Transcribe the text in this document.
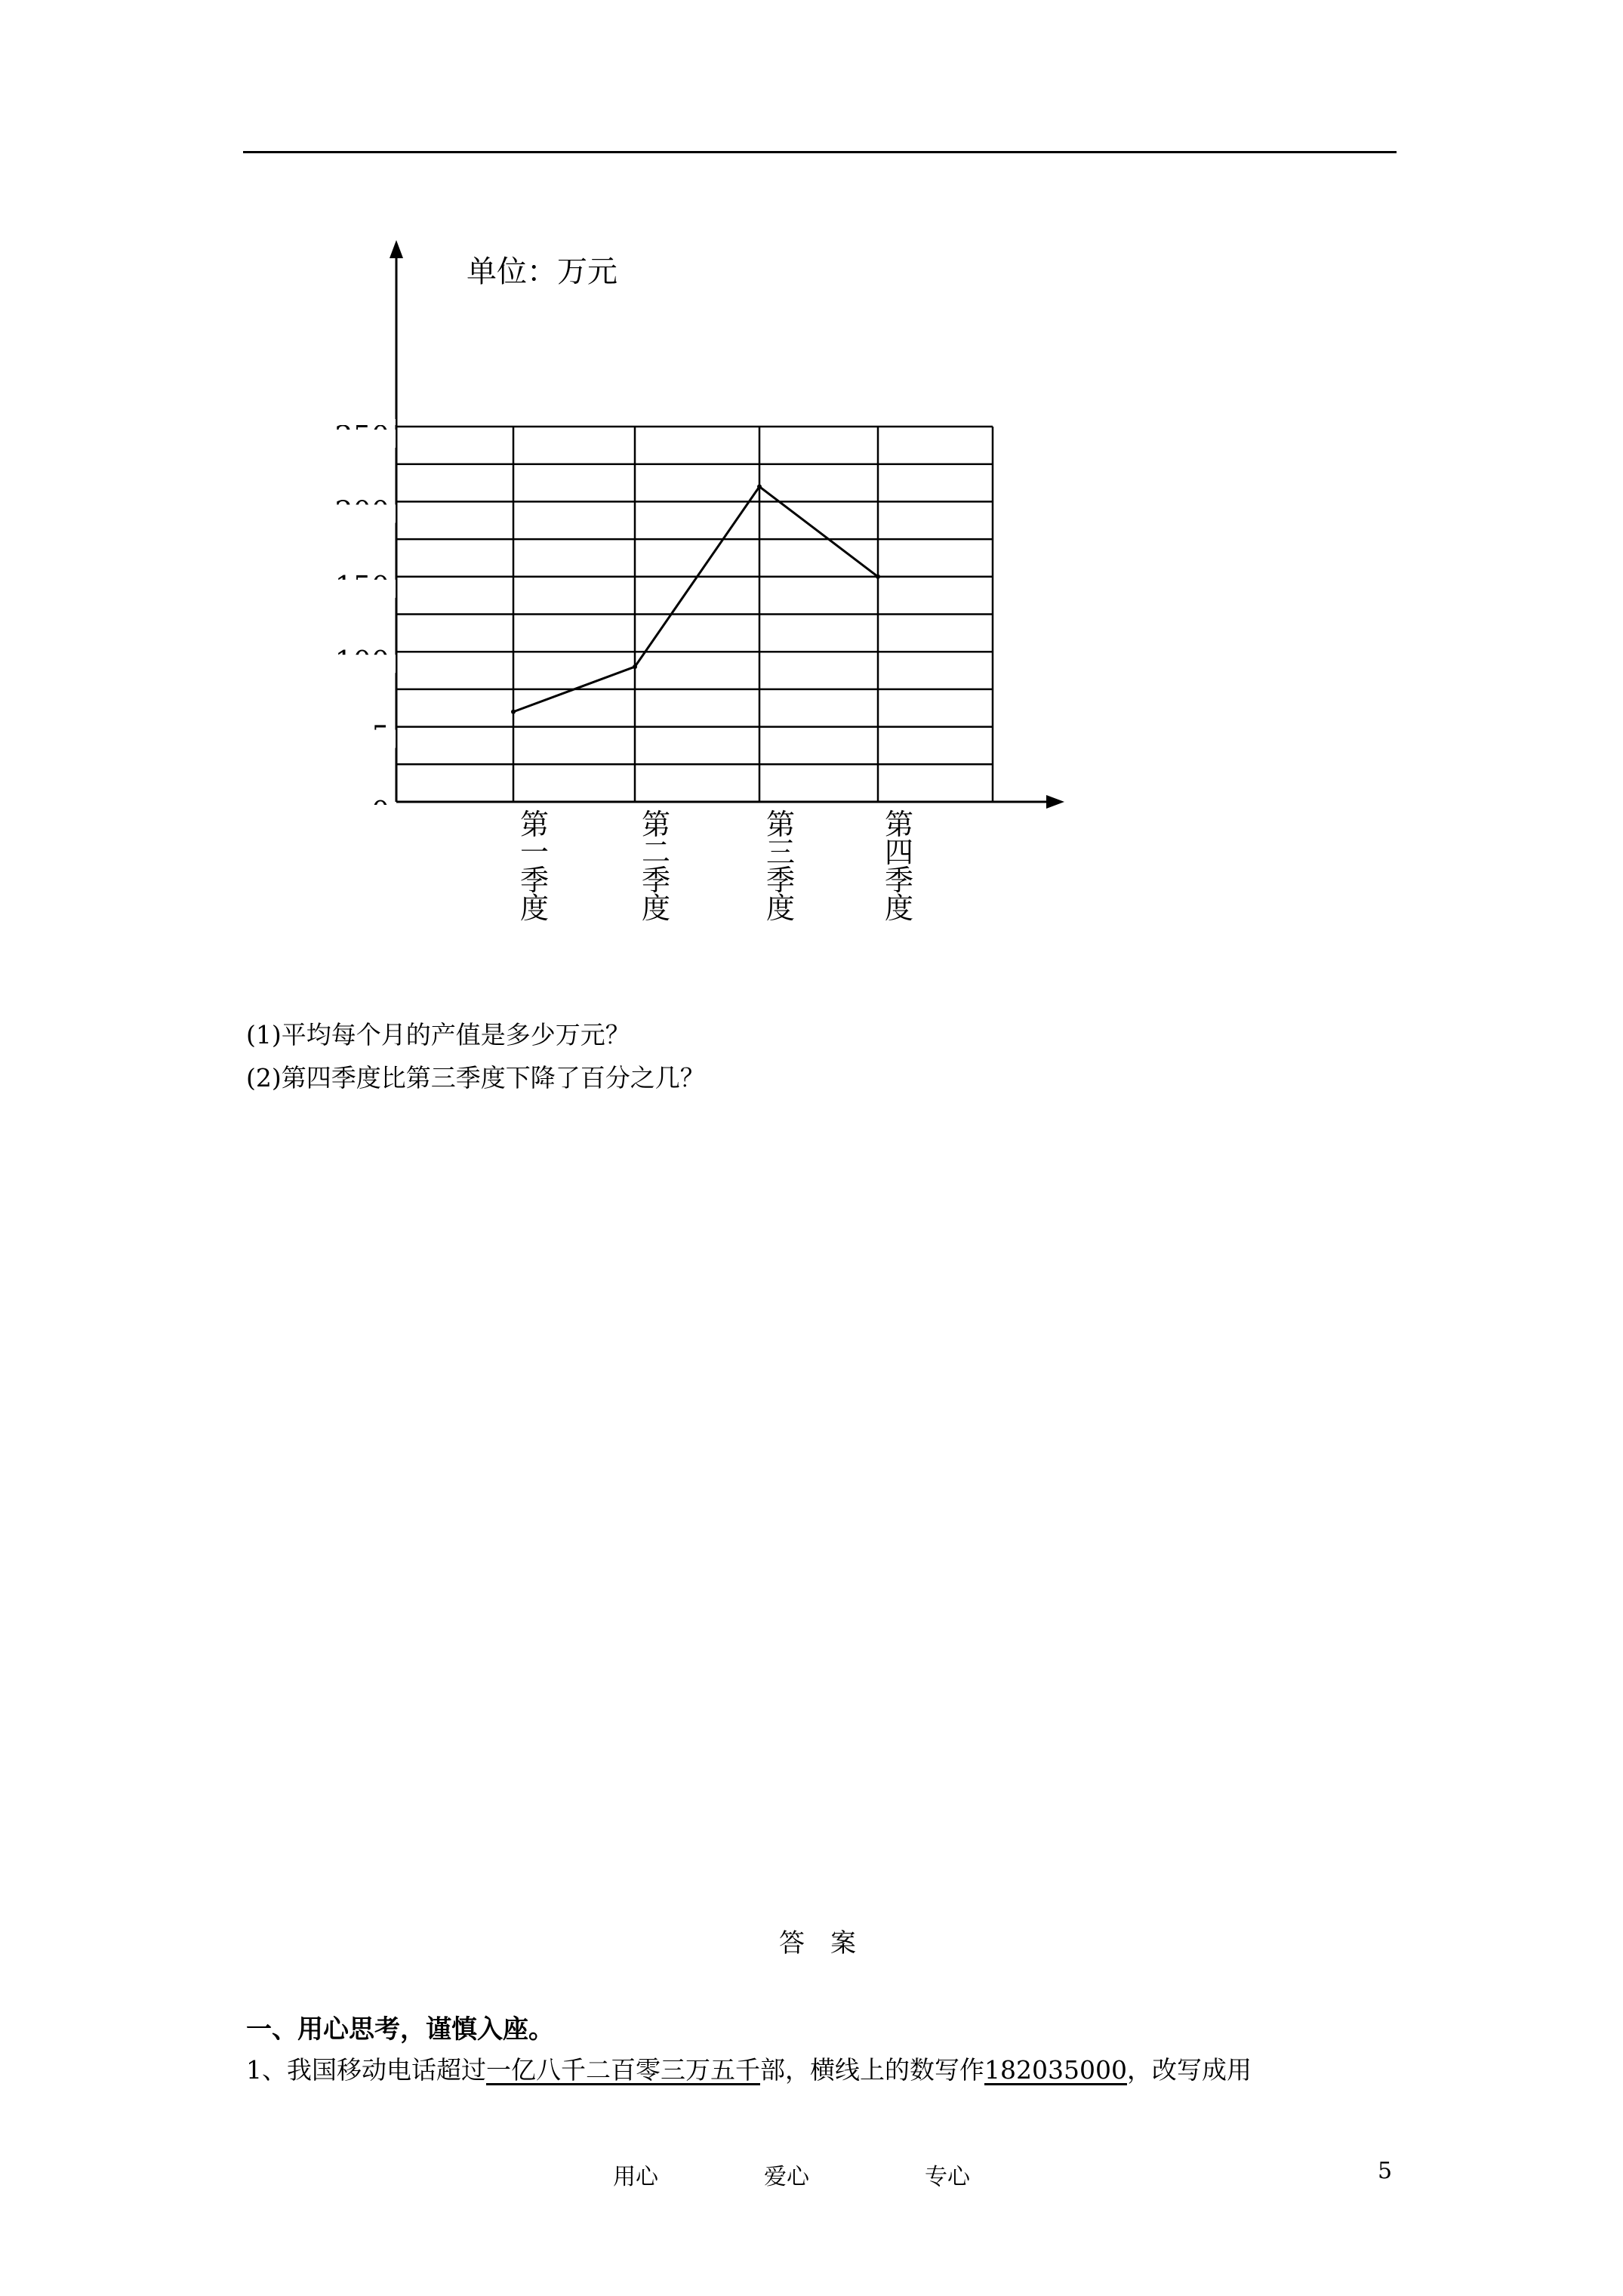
第
一
季
度
第
二
季
度
第
三
季
度
第
四
季
度
单位：万元
(1)平均每个月的产值是多少万元？
(2)第四季度比第三季度下降了百分之几？
答案
一、用心思考，谨慎入座。
1、我国移动电话超过一亿八千二百零三万五千部，横线上的数写作182035000，改写成用
用心	爱心	专心	5
